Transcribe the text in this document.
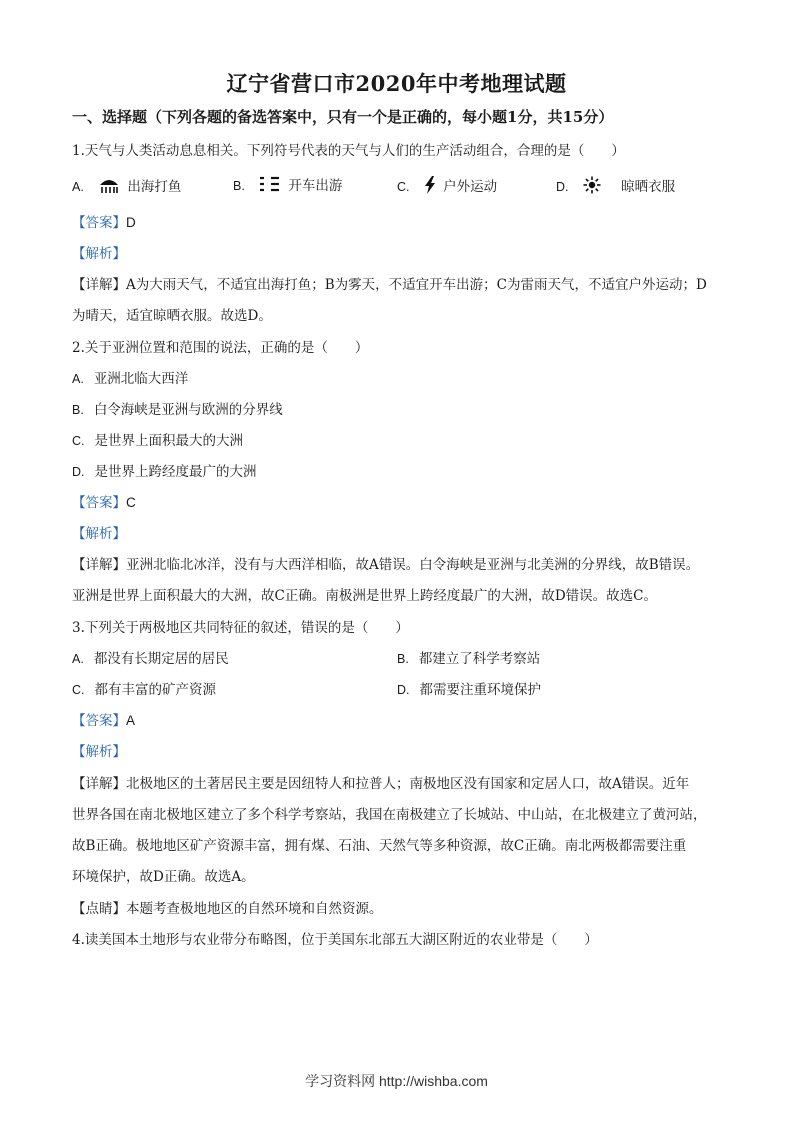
辽宁省营口市2020年中考地理试题
一、选择题（下列各题的备选答案中，只有一个是正确的，每小题1分，共15分）
1.天气与人类活动息息相关。下列符号代表的天气与人们的生产活动组合，合理的是（　　）
A.	出海打鱼	B.	开车出游	C. 户外运动	D.	晾晒衣服
【答案】D
【解析】
【详解】A为大雨天气，不适宜出海打鱼；B为雾天，不适宜开车出游；C为雷雨天气，不适宜户外运动；D
为晴天，适宜晾晒衣服。故选D。
2.关于亚洲位置和范围的说法，正确的是（　　）
A. 亚洲北临大西洋
B. 白令海峡是亚洲与欧洲的分界线
C. 是世界上面积最大的大洲
D. 是世界上跨经度最广的大洲
【答案】C
【解析】
【详解】亚洲北临北冰洋，没有与大西洋相临，故A错误。白令海峡是亚洲与北美洲的分界线，故B错误。
亚洲是世界上面积最大的大洲，故C正确。南极洲是世界上跨经度最广的大洲，故D错误。故选C。
3.下列关于两极地区共同特征的叙述，错误的是（　　）
A. 都没有长期定居的居民	B. 都建立了科学考察站
C. 都有丰富的矿产资源	D. 都需要注重环境保护
【答案】A
【解析】
【详解】北极地区的土著居民主要是因纽特人和拉普人；南极地区没有国家和定居人口，故A错误。近年
世界各国在南北极地区建立了多个科学考察站，我国在南极建立了长城站、中山站，在北极建立了黄河站，
故B正确。极地地区矿产资源丰富，拥有煤、石油、天然气等多种资源，故C正确。南北两极都需要注重
环境保护，故D正确。故选A。
【点睛】本题考查极地地区的自然环境和自然资源。
4.读美国本土地形与农业带分布略图，位于美国东北部五大湖区附近的农业带是（　　）
学习资料网 http://wishba.com
